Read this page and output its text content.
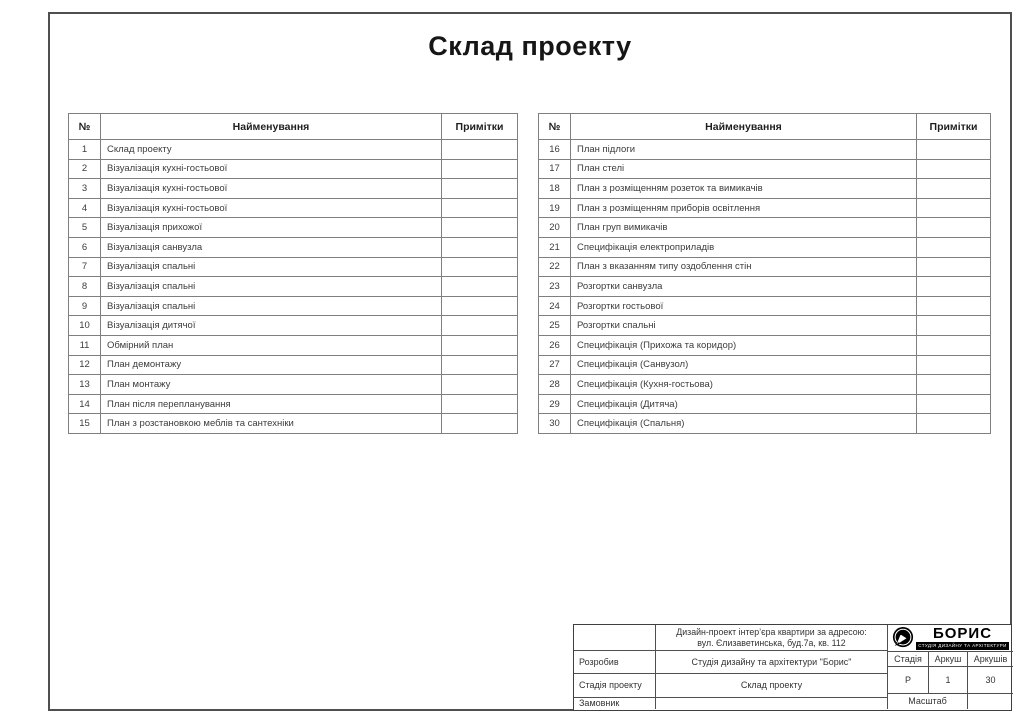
Склад проекту
№	Найменування	Примітки
1	Склад проекту	
2	Візуалізація кухні-гостьової	
3	Візуалізація кухні-гостьової	
4	Візуалізація кухні-гостьової	
5	Візуалізація прихожої	
6	Візуалізація санвузла	
7	Візуалізація спальні	
8	Візуалізація спальні	
9	Візуалізація спальні	
10	Візуалізація дитячої	
11	Обмірний план	
12	План демонтажу	
13	План монтажу	
14	План після перепланування	
15	План з розстановкою меблів та сантехніки	
№	Найменування	Примітки
16	План підлоги	
17	План стелі	
18	План з розміщенням розеток та вимикачів	
19	План з розміщенням приборів освітлення	
20	План груп вимикачів	
21	Специфікація електроприладів	
22	План з вказанням типу оздоблення стін	
23	Розгортки санвузла	
24	Розгортки гостьової	
25	Розгортки спальні	
26	Специфікація (Прихожа та коридор)	
27	Специфікація (Санвузол)	
28	Специфікація (Кухня-гостьова)	
29	Специфікація (Дитяча)	
30	Специфікація (Спальня)	
Дизайн-проект інтер’єра квартири за адресою:
вул. Єлизаветинська, буд.7а, кв. 112
Розробив	Студія дизайну та архітектури "Борис"
Стадія проекту	Склад проекту
Замовник
БОРИС
СТУДІЯ ДИЗАЙНУ ТА АРХІТЕКТУРИ
Стадія	Аркуш	Аркушів
Р	1	30
Масштаб
